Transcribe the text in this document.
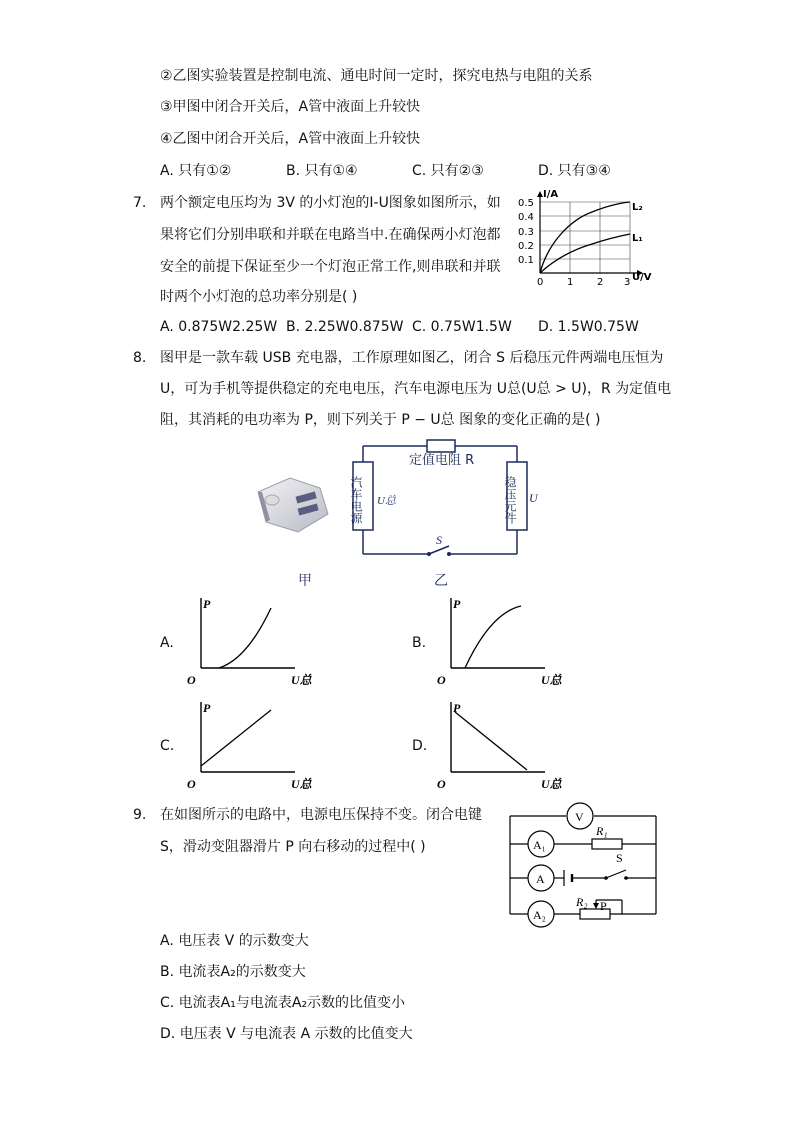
②乙图实验装置是控制电流、通电时间一定时，探究电热与电阻的关系
③甲图中闭合开关后，A管中液面上升较快
④乙图中闭合开关后，A管中液面上升较快
A. 只有①②	B. 只有①④	C. 只有②③	D. 只有③④
7. 两个额定电压均为 3V 的小灯泡的I-U图象如图所示，如
果将它们分别串联和并联在电路当中.在确保两小灯泡都
安全的前提下保证至少一个灯泡正常工作,则串联和并联
时两个小灯泡的总功率分别是( )
I/A
U/V
0.5
0.4
0.3
0.2
0.1
0 1 2 3
L₂
L₁
A. 0.875W2.25W B. 2.25W0.875W C. 0.75W1.5W D. 1.5W0.75W
8. 图甲是一款车载 USB 充电器，工作原理如图乙，闭合 S 后稳压元件两端电压恒为
U，可为手机等提供稳定的充电电压，汽车电源电压为 U总(U总 > U)，R 为定值电
阻，其消耗的电功率为 P，则下列关于 P − U总 图象的变化正确的是( )
定值电阻 R
汽车电源 U总	稳压元件 U
S
甲	乙
A.
P
O	U总
B.
P
O	U总
C.
P
O	U总
D.
P
O	U总
9. 在如图所示的电路中，电源电压保持不变。闭合电键
S，滑动变阻器滑片 P 向右移动的过程中( )
V
A₁
A
A₂
R₁
R₂
S
P
A. 电压表 V 的示数变大
B. 电流表A₂的示数变大
C. 电流表A₁与电流表A₂示数的比值变小
D. 电压表 V 与电流表 A 示数的比值变大
